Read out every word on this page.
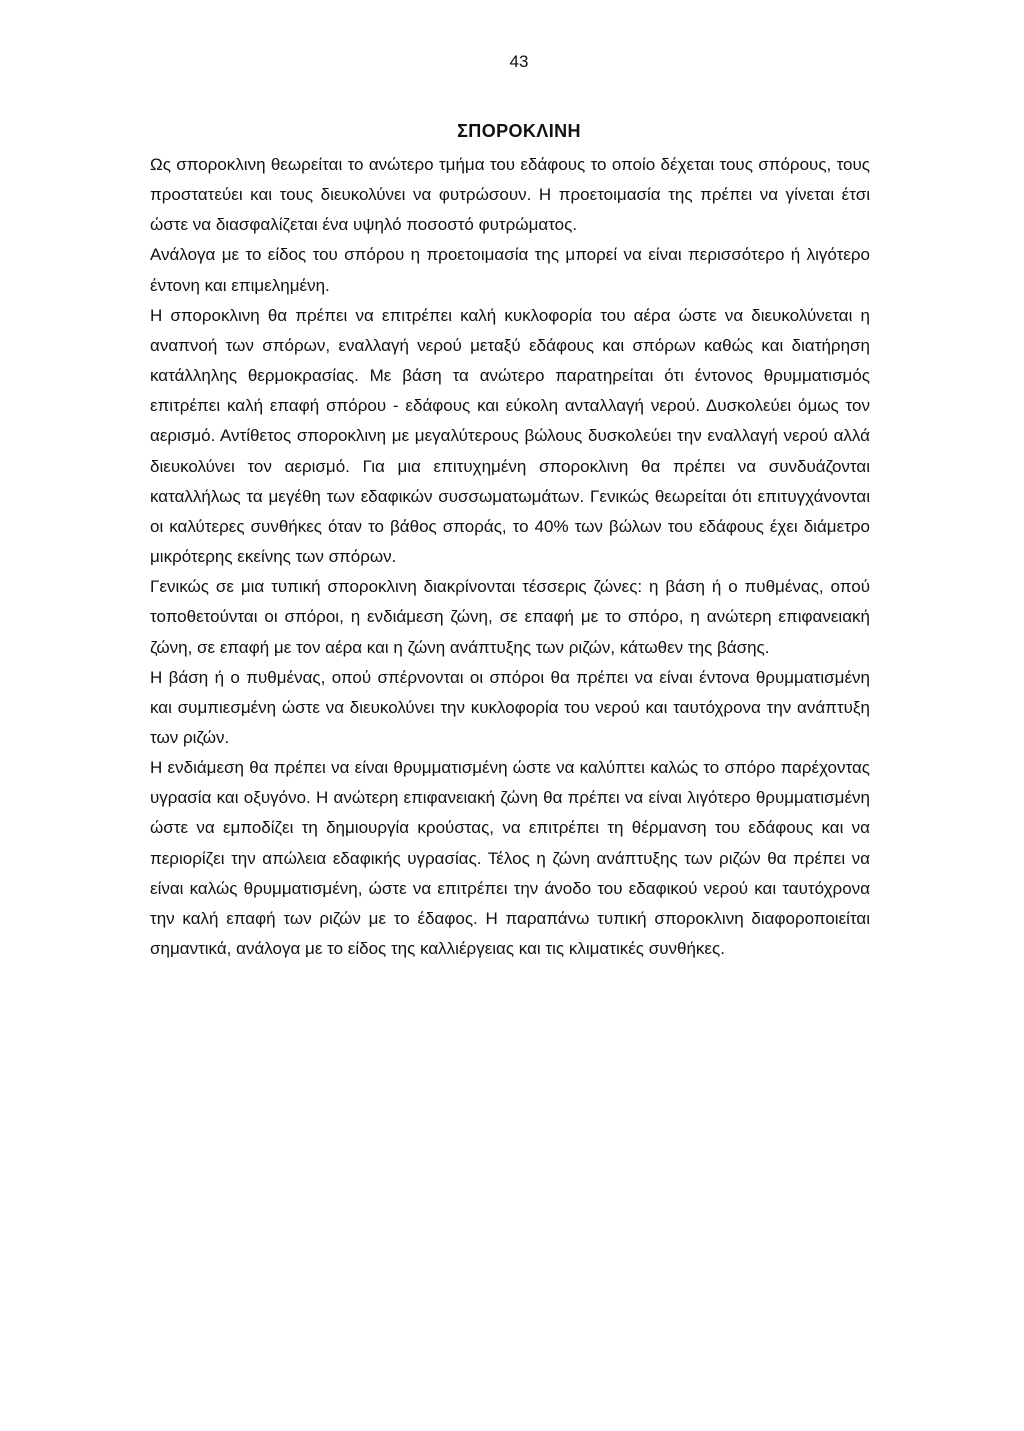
43
ΣΠΟΡΟΚΛΙΝΗ

Ως σποροκλινη θεωρείται το ανώτερο τμήμα του εδάφους το οποίο δέχεται τους σπόρους, τους προστατεύει και τους διευκολύνει να φυτρώσουν. Η προετοιμασία της πρέπει να γίνεται έτσι ώστε να διασφαλίζεται ένα υψηλό ποσοστό φυτρώματος.

Ανάλογα με το είδος του σπόρου η προετοιμασία της μπορεί να είναι περισσότερο ή λιγότερο έντονη και επιμελημένη.

Η σποροκλινη θα πρέπει να επιτρέπει καλή κυκλοφορία του αέρα ώστε να διευκολύνεται η αναπνοή των σπόρων, εναλλαγή νερού μεταξύ εδάφους και σπόρων καθώς και διατήρηση κατάλληλης θερμοκρασίας. Με βάση τα ανώτερο παρατηρείται ότι έντονος θρυμματισμός επιτρέπει καλή επαφή σπόρου - εδάφους και εύκολη ανταλλαγή νερού. Δυσκολεύει όμως τον αερισμό. Αντίθετος σποροκλινη με μεγαλύτερους βώλους δυσκολεύει την εναλλαγή νερού αλλά διευκολύνει τον αερισμό. Για μια επιτυχημένη σποροκλινη θα πρέπει να συνδυάζονται καταλλήλως τα μεγέθη των εδαφικών συσσωματωμάτων. Γενικώς θεωρείται ότι επιτυγχάνονται οι καλύτερες συνθήκες όταν το βάθος σποράς, το 40% των βώλων του εδάφους έχει διάμετρο μικρότερης εκείνης των σπόρων.

Γενικώς σε μια τυπική σποροκλινη διακρίνονται τέσσερις ζώνες: η βάση ή ο πυθμένας, οπού τοποθετούνται οι σπόροι, η ενδιάμεση ζώνη, σε επαφή με το σπόρο, η ανώτερη επιφανειακή ζώνη, σε επαφή με τον αέρα και η ζώνη ανάπτυξης των ριζών, κάτωθεν της βάσης.

Η βάση ή ο πυθμένας, οπού σπέρνονται οι σπόροι θα πρέπει να είναι έντονα θρυμματισμένη και συμπιεσμένη ώστε να διευκολύνει την κυκλοφορία του νερού και ταυτόχρονα την ανάπτυξη των ριζών.

Η ενδιάμεση θα πρέπει να είναι θρυμματισμένη ώστε να καλύπτει καλώς το σπόρο παρέχοντας υγρασία και οξυγόνο. Η ανώτερη επιφανειακή ζώνη θα πρέπει να είναι λιγότερο θρυμματισμένη ώστε να εμποδίζει τη δημιουργία κρούστας, να επιτρέπει τη θέρμανση του εδάφους και να περιορίζει την απώλεια εδαφικής υγρασίας. Τέλος η ζώνη ανάπτυξης των ριζών θα πρέπει να είναι καλώς θρυμματισμένη, ώστε να επιτρέπει την άνοδο του εδαφικού νερού και ταυτόχρονα την καλή επαφή των ριζών με το έδαφος. Η παραπάνω τυπική σποροκλινη διαφοροποιείται σημαντικά, ανάλογα με το είδος της καλλιέργειας και τις κλιματικές συνθήκες.
